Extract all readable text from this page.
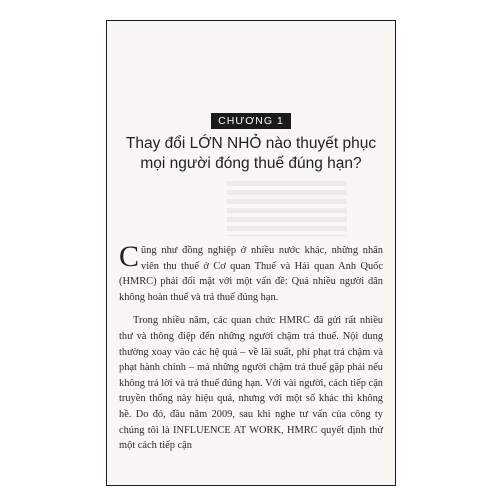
CHƯƠNG 1
Thay đổi LỚN NHỎ nào thuyết phục
mọi người đóng thuế đúng hạn?

Cũng như đồng nghiệp ở nhiều nước khác, những nhân viên thu thuế ở Cơ quan Thuế và Hải quan Anh Quốc (HMRC) phải đối mặt với một vấn đề: Quá nhiều người dân không hoàn thuế và trả thuế đúng hạn.

Trong nhiều năm, các quan chức HMRC đã gửi rất nhiều thư và thông điệp đến những người chậm trả thuế. Nội dung thường xoay vào các hệ quả – về lãi suất, phí phạt trả chậm và phạt hành chính – mà những người chậm trả thuế gặp phải nếu không trả lời và trả thuế đúng hạn. Với vài người, cách tiếp cận truyền thống này hiệu quả, nhưng với một số khác thì không hề. Do đó, đầu năm 2009, sau khi nghe tư vấn của công ty chúng tôi là INFLUENCE AT WORK, HMRC quyết định thử một cách tiếp cận
